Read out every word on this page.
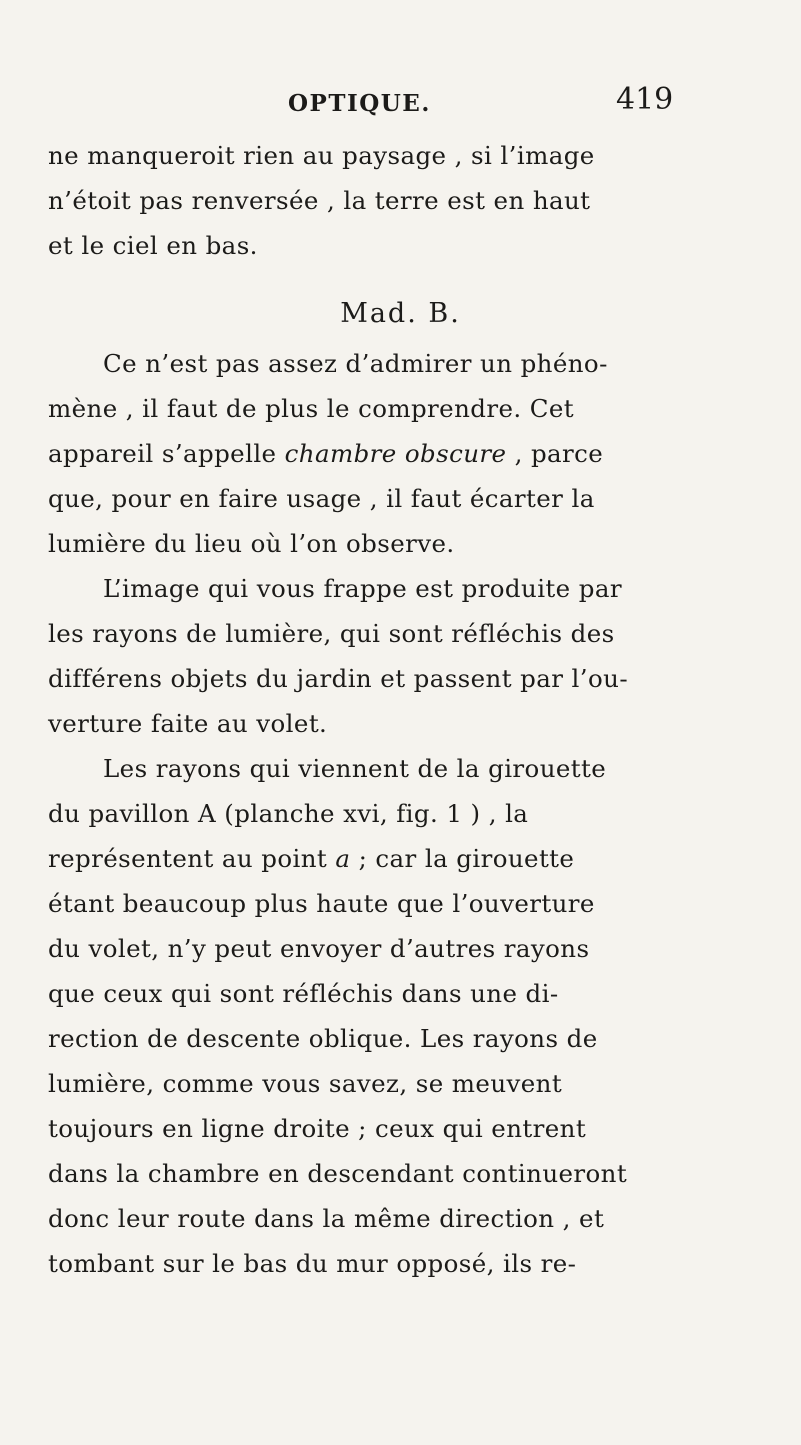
OPTIQUE.	419
ne manqueroit rien au paysage , si l’image
n’étoit pas renversée , la terre est en haut
et le ciel en bas.
Mad. B.
Ce n’est pas assez d’admirer un phéno-
mène , il faut de plus le comprendre. Cet
appareil s’appelle chambre obscure , parce
que, pour en faire usage , il faut écarter la
lumière du lieu où l’on observe.
L’image qui vous frappe est produite par
les rayons de lumière, qui sont réfléchis des
différens objets du jardin et passent par l’ou-
verture faite au volet.
Les rayons qui viennent de la girouette
du pavillon A (planche xvi, fig. 1 ) , la
représentent au point a ; car la girouette
étant beaucoup plus haute que l’ouverture
du volet, n’y peut envoyer d’autres rayons
que ceux qui sont réfléchis dans une di-
rection de descente oblique. Les rayons de
lumière, comme vous savez, se meuvent
toujours en ligne droite ; ceux qui entrent
dans la chambre en descendant continueront
donc leur route dans la même direction , et
tombant sur le bas du mur opposé, ils re-
